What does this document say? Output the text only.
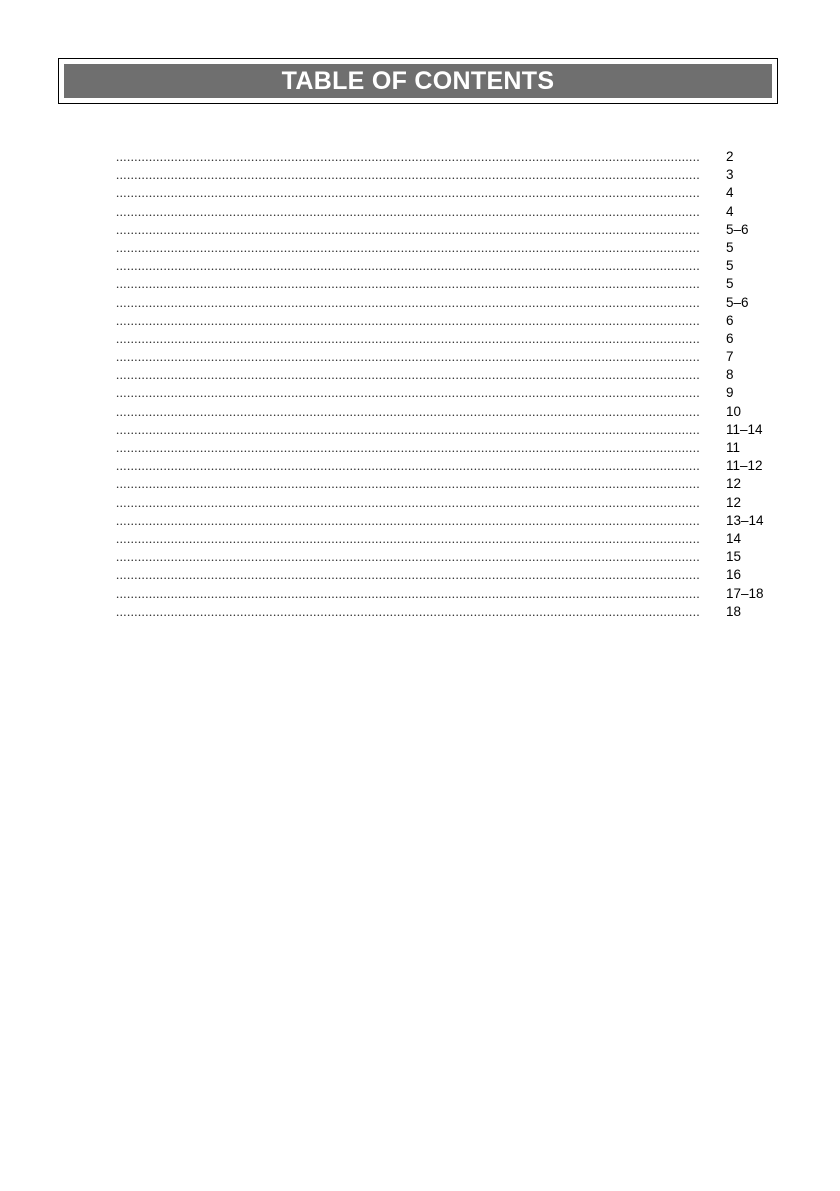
TABLE OF CONTENTS
................................................................................................................................................................ 2
................................................................................................................................................................ 3
................................................................................................................................................................ 4
................................................................................................................................................................ 4
................................................................................................................................................................ 5–6
................................................................................................................................................................ 5
................................................................................................................................................................ 5
................................................................................................................................................................ 5
................................................................................................................................................................ 5–6
................................................................................................................................................................ 6
................................................................................................................................................................ 6
................................................................................................................................................................ 7
................................................................................................................................................................ 8
................................................................................................................................................................ 9
................................................................................................................................................................ 10
................................................................................................................................................................ 11–14
................................................................................................................................................................ 11
................................................................................................................................................................ 11–12
................................................................................................................................................................ 12
................................................................................................................................................................ 12
................................................................................................................................................................ 13–14
................................................................................................................................................................ 14
................................................................................................................................................................ 15
................................................................................................................................................................ 16
................................................................................................................................................................ 17–18
................................................................................................................................................................ 18
